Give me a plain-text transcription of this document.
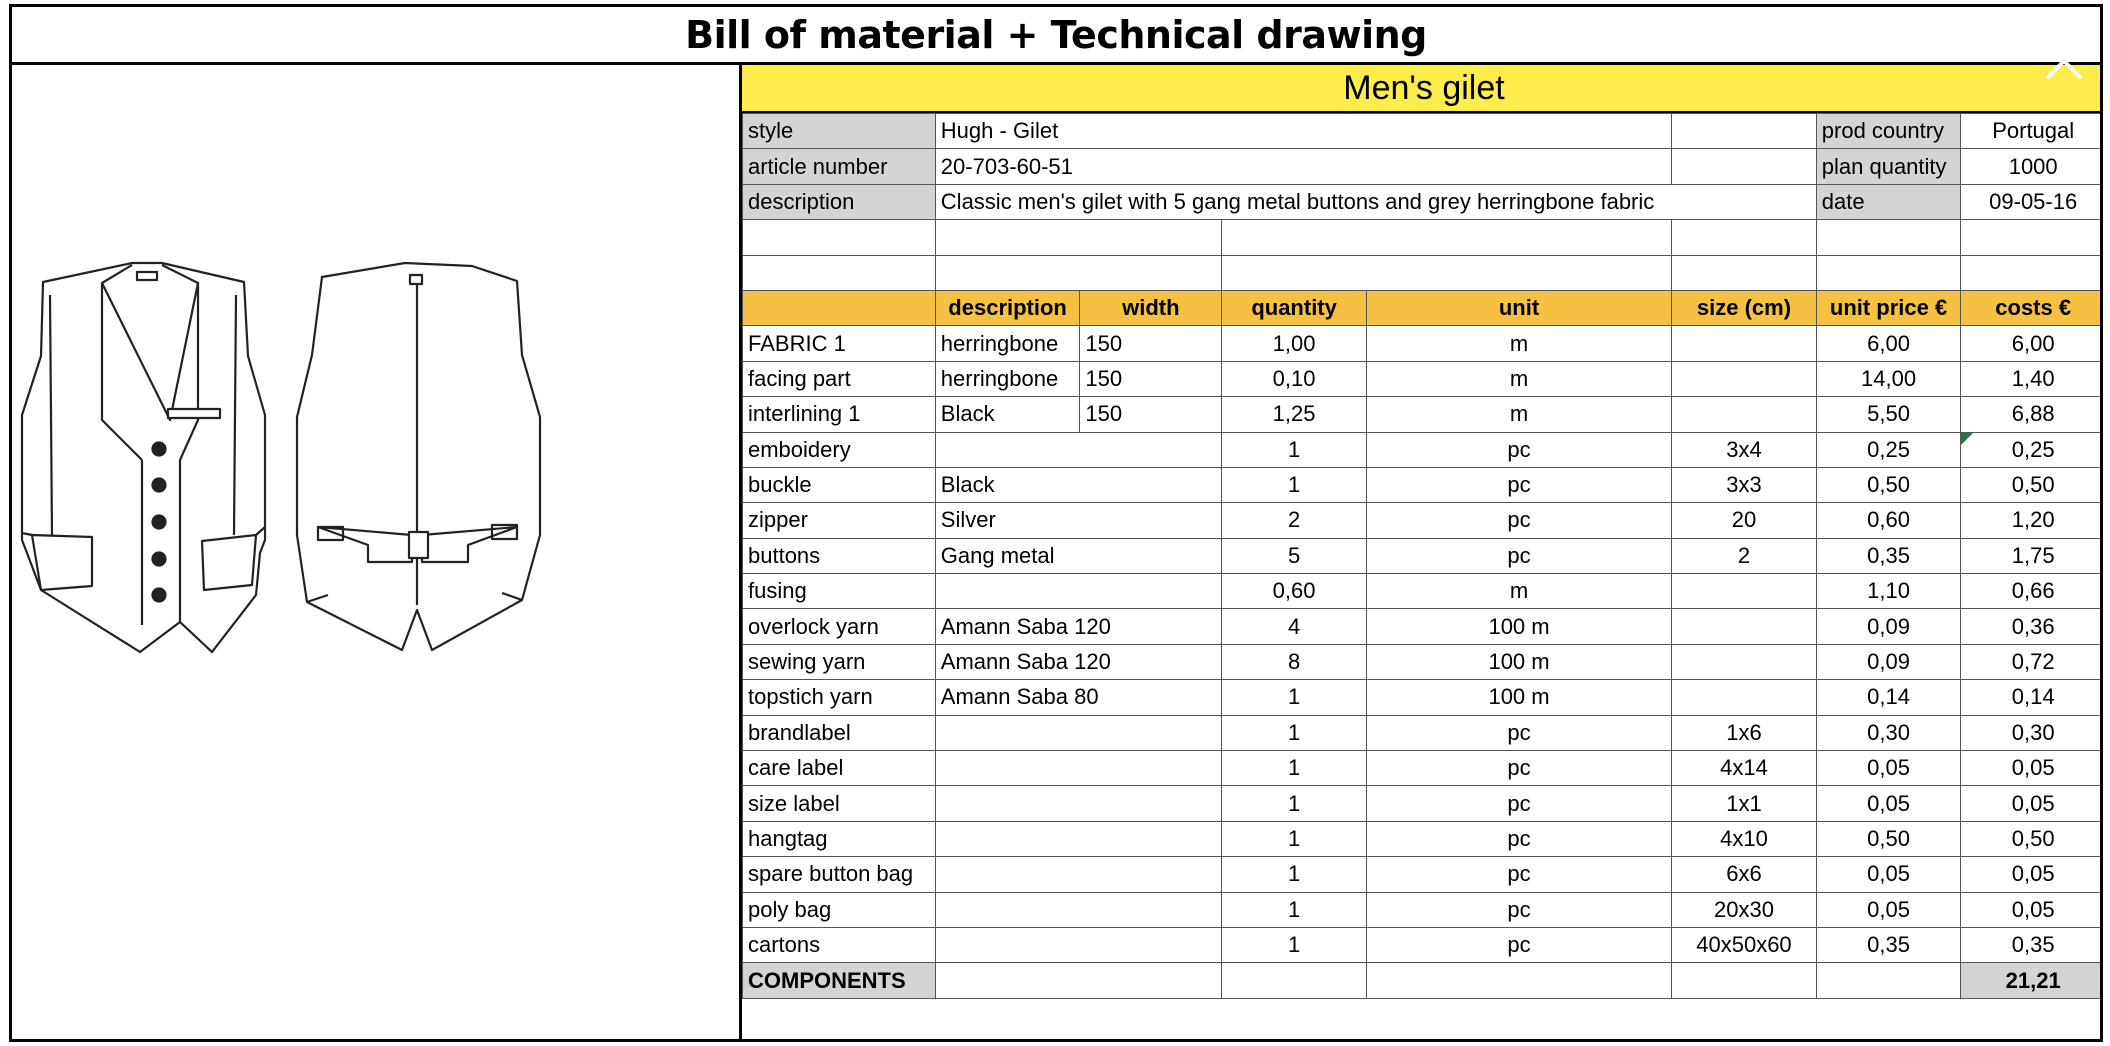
Bill of material + Technical drawing
Men's gilet
style	Hugh - Gilet					prod country	Portugal
article number	20-703-60-51					plan quantity	1000
description	Classic men's gilet with 5 gang metal buttons and grey herringbone fabric					date	09-05-16

	description	width	quantity	unit	size (cm)	unit price €	costs €
FABRIC 1	herringbone	150	1,00	m		6,00	6,00
facing part	herringbone	150	0,10	m		14,00	1,40
interlining 1	Black	150	1,25	m		5,50	6,88
emboidery			1	pc	3x4	0,25	0,25
buckle	Black		1	pc	3x3	0,50	0,50
zipper	Silver		2	pc	20	0,60	1,20
buttons	Gang metal		5	pc	2	0,35	1,75
fusing			0,60	m		1,10	0,66
overlock yarn	Amann Saba 120		4	100 m		0,09	0,36
sewing yarn	Amann Saba 120		8	100 m		0,09	0,72
topstich yarn	Amann Saba 80		1	100 m		0,14	0,14
brandlabel			1	pc	1x6	0,30	0,30
care label			1	pc	4x14	0,05	0,05
size label			1	pc	1x1	0,05	0,05
hangtag			1	pc	4x10	0,50	0,50
spare button bag			1	pc	6x6	0,05	0,05
poly bag			1	pc	20x30	0,05	0,05
cartons			1	pc	40x50x60	0,35	0,35
COMPONENTS							21,21
